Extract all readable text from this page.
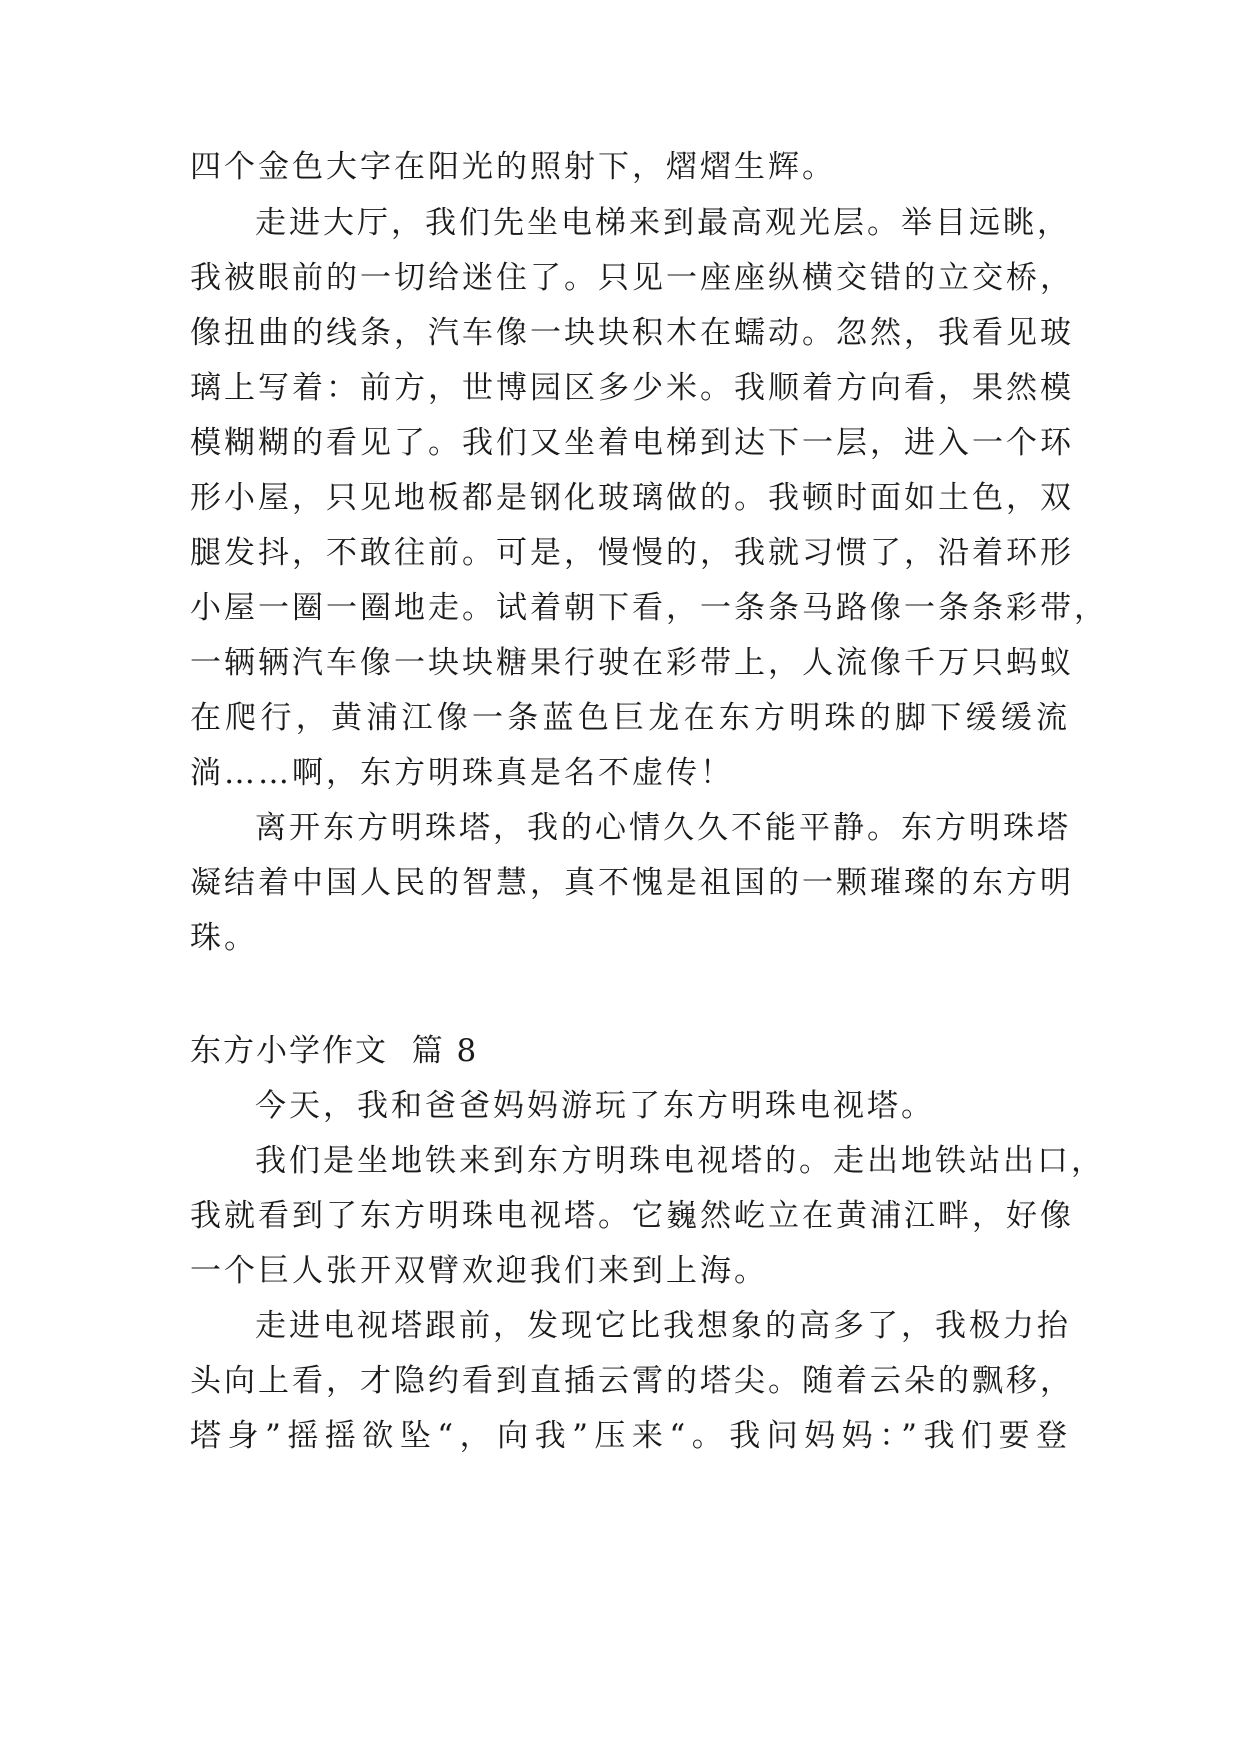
四个金色大字在阳光的照射下，熠熠生辉。
走进大厅，我们先坐电梯来到最高观光层。举目远眺，
我被眼前的一切给迷住了。只见一座座纵横交错的立交桥，
像扭曲的线条，汽车像一块块积木在蠕动。忽然，我看见玻
璃上写着：前方，世博园区多少米。我顺着方向看，果然模
模糊糊的看见了。我们又坐着电梯到达下一层，进入一个环
形小屋，只见地板都是钢化玻璃做的。我顿时面如土色，双
腿发抖，不敢往前。可是，慢慢的，我就习惯了，沿着环形
小屋一圈一圈地走。试着朝下看，一条条马路像一条条彩带，
一辆辆汽车像一块块糖果行驶在彩带上，人流像千万只蚂蚁
在爬行，黄浦江像一条蓝色巨龙在东方明珠的脚下缓缓流
淌……啊，东方明珠真是名不虚传！
离开东方明珠塔，我的心情久久不能平静。东方明珠塔
凝结着中国人民的智慧，真不愧是祖国的一颗璀璨的东方明
珠。
东方小学作文  篇 8
今天，我和爸爸妈妈游玩了东方明珠电视塔。
我们是坐地铁来到东方明珠电视塔的。走出地铁站出口，
我就看到了东方明珠电视塔。它巍然屹立在黄浦江畔，好像
一个巨人张开双臂欢迎我们来到上海。
走进电视塔跟前，发现它比我想象的高多了，我极力抬
头向上看，才隐约看到直插云霄的塔尖。随着云朵的飘移，
塔身”摇摇欲坠“，向我”压来“。我问妈妈：”我们要登
